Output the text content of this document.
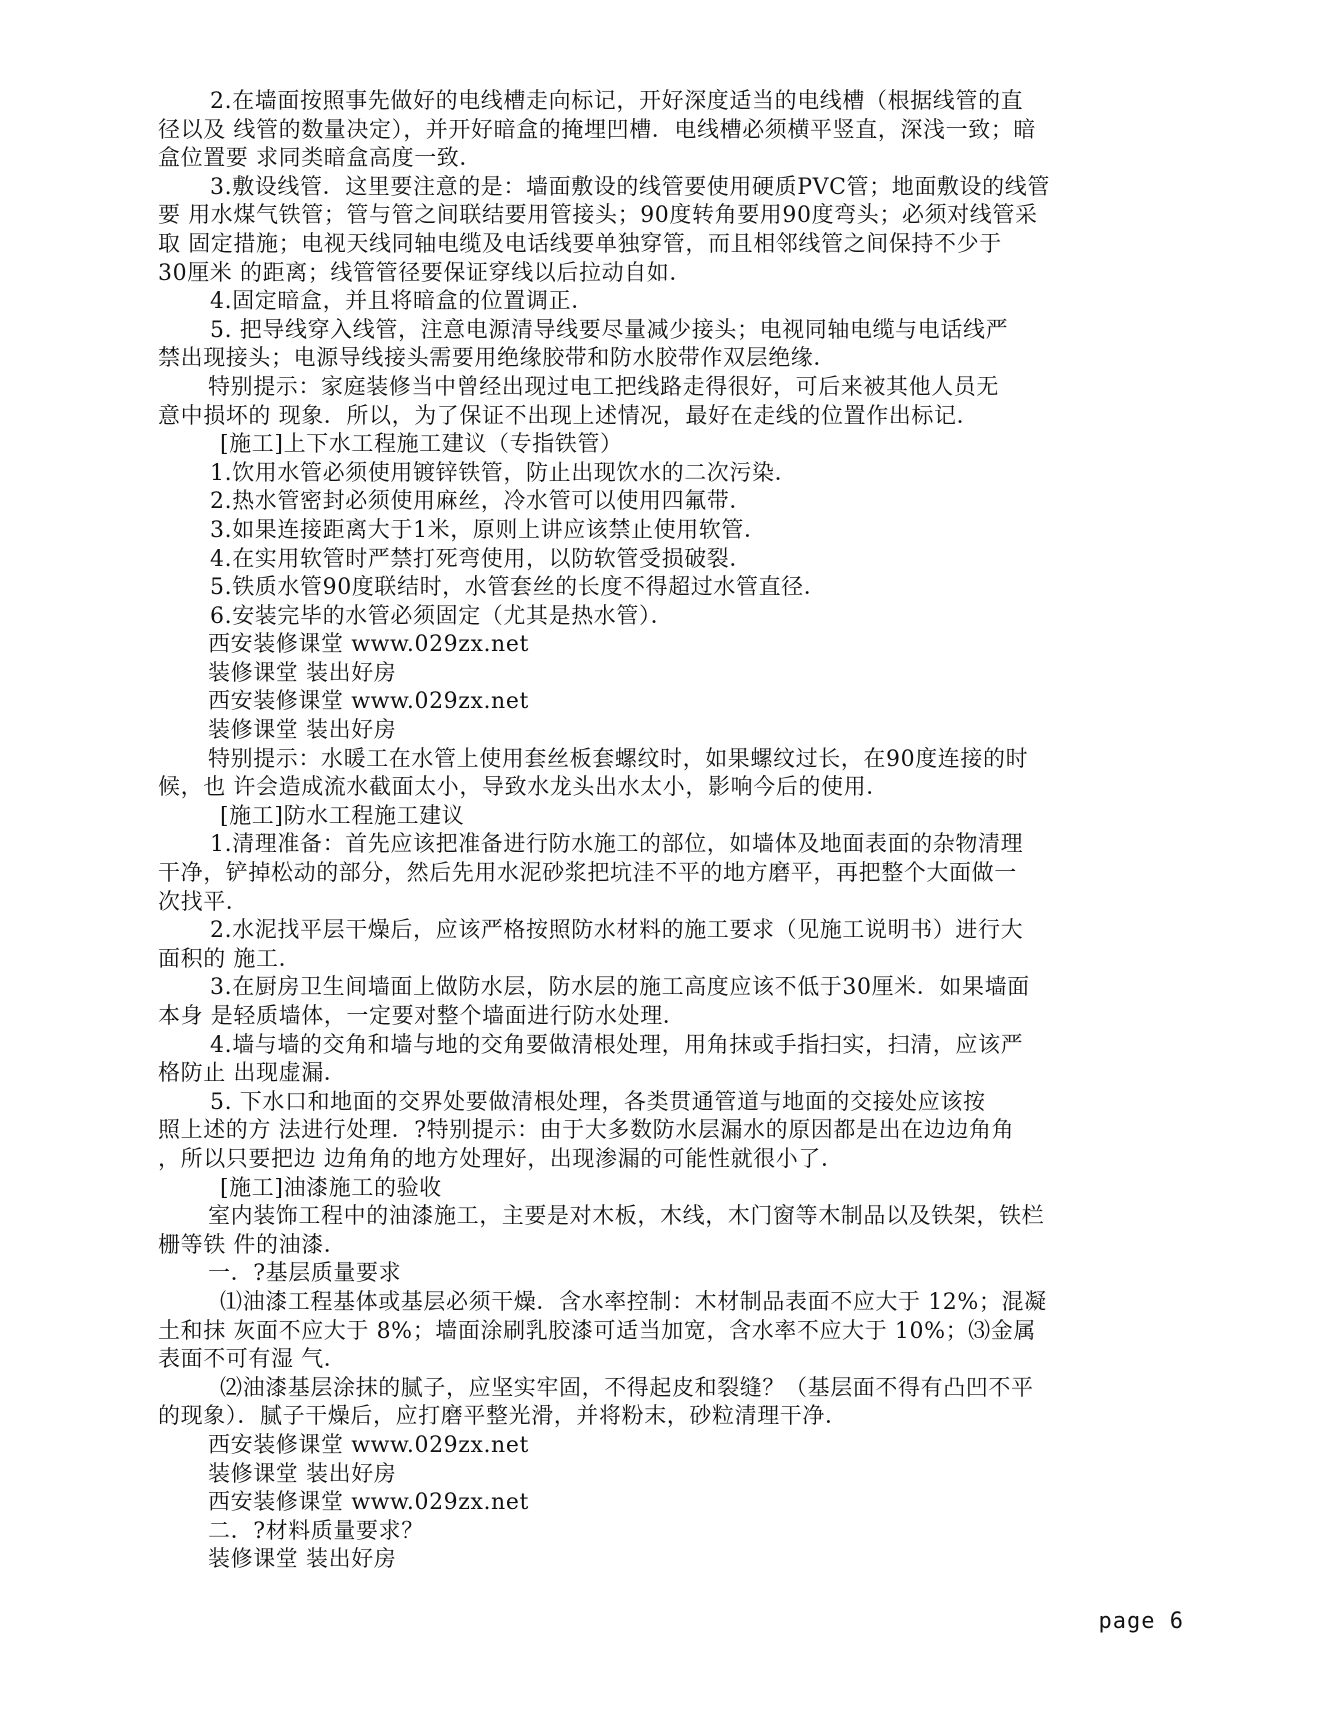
2.在墙面按照事先做好的电线槽走向标记，开好深度适当的电线槽（根据线管的直
径以及 线管的数量决定），并开好暗盒的掩埋凹槽．电线槽必须横平竖直，深浅一致；暗
盒位置要 求同类暗盒高度一致．
3.敷设线管．这里要注意的是：墙面敷设的线管要使用硬质PVC管；地面敷设的线管
要 用水煤气铁管；管与管之间联结要用管接头；90度转角要用90度弯头；必须对线管采
取 固定措施；电视天线同轴电缆及电话线要单独穿管，而且相邻线管之间保持不少于
30厘米 的距离；线管管径要保证穿线以后拉动自如．
4.固定暗盒，并且将暗盒的位置调正．
5. 把导线穿入线管，注意电源清导线要尽量减少接头；电视同轴电缆与电话线严
禁出现接头；电源导线接头需要用绝缘胶带和防水胶带作双层绝缘．
特别提示：家庭装修当中曾经出现过电工把线路走得很好，可后来被其他人员无
意中损坏的 现象．所以，为了保证不出现上述情况，最好在走线的位置作出标记．
[施工]上下水工程施工建议（专指铁管）
1.饮用水管必须使用镀锌铁管，防止出现饮水的二次污染．
2.热水管密封必须使用麻丝，冷水管可以使用四氟带．
3.如果连接距离大于1米，原则上讲应该禁止使用软管．
4.在实用软管时严禁打死弯使用，以防软管受损破裂．
5.铁质水管90度联结时，水管套丝的长度不得超过水管直径．
6.安装完毕的水管必须固定（尤其是热水管）．
西安装修课堂 www.029zx.net
装修课堂 装出好房
西安装修课堂 www.029zx.net
装修课堂 装出好房
特别提示：水暖工在水管上使用套丝板套螺纹时，如果螺纹过长，在90度连接的时
候，也 许会造成流水截面太小，导致水龙头出水太小，影响今后的使用．
[施工]防水工程施工建议
1.清理准备：首先应该把准备进行防水施工的部位，如墙体及地面表面的杂物清理
干净，铲掉松动的部分，然后先用水泥砂浆把坑洼不平的地方磨平，再把整个大面做一
次找平．
2.水泥找平层干燥后，应该严格按照防水材料的施工要求（见施工说明书）进行大
面积的 施工．
3.在厨房卫生间墙面上做防水层，防水层的施工高度应该不低于30厘米．如果墙面
本身 是轻质墙体，一定要对整个墙面进行防水处理．
4.墙与墙的交角和墙与地的交角要做清根处理，用角抹或手指扫实，扫清，应该严
格防止 出现虚漏．
5. 下水口和地面的交界处要做清根处理，各类贯通管道与地面的交接处应该按
照上述的方 法进行处理．?特别提示：由于大多数防水层漏水的原因都是出在边边角角
，所以只要把边 边角角的地方处理好，出现渗漏的可能性就很小了．
[施工]油漆施工的验收
室内装饰工程中的油漆施工，主要是对木板，木线，木门窗等木制品以及铁架，铁栏
栅等铁 件的油漆．
一．?基层质量要求
⑴油漆工程基体或基层必须干燥．含水率控制：木材制品表面不应大于 12%；混凝
土和抹 灰面不应大于 8%；墙面涂刷乳胶漆可适当加宽，含水率不应大于 10%；⑶金属
表面不可有湿 气．
⑵油漆基层涂抹的腻子，应坚实牢固，不得起皮和裂缝？（基层面不得有凸凹不平
的现象）．腻子干燥后，应打磨平整光滑，并将粉末，砂粒清理干净．
西安装修课堂 www.029zx.net
装修课堂 装出好房
西安装修课堂 www.029zx.net
二．?材料质量要求？
装修课堂 装出好房
page 6
